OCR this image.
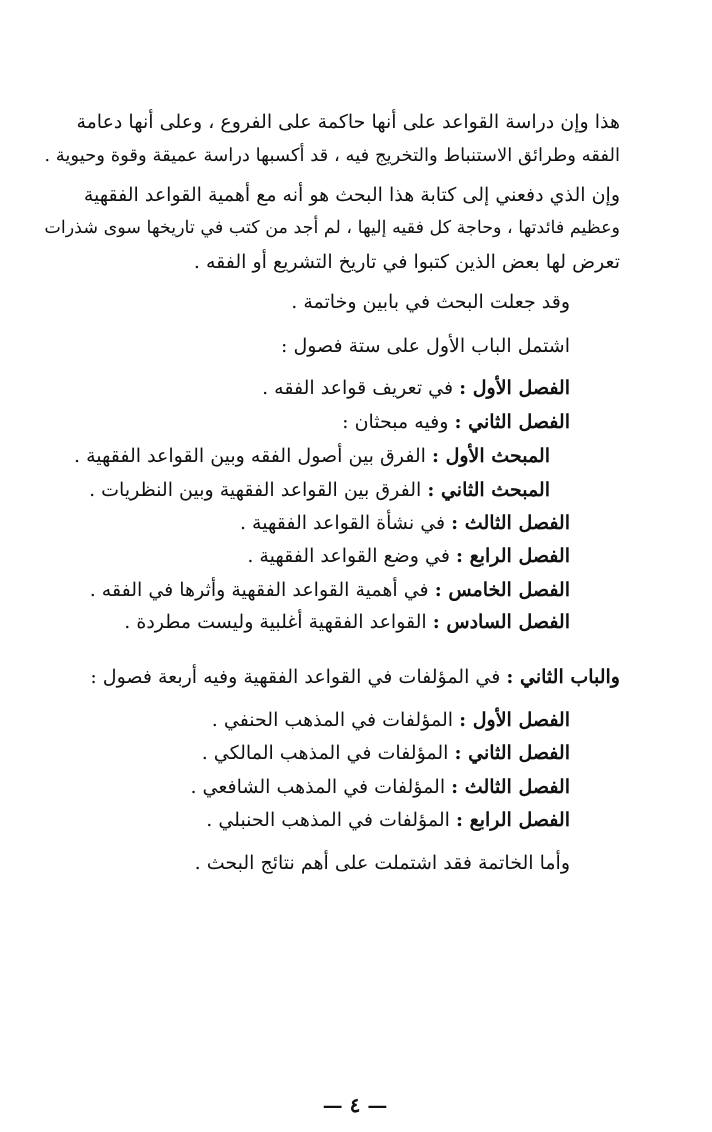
هذا وإن دراسة القواعد على أنها حاكمة على الفروع ، وعلى أنها دعامة
الفقه وطرائق الاستنباط والتخريج فيه ، قد أكسبها دراسة عميقة وقوة وحيوية .
وإن الذي دفعني إلى كتابة هذا البحث هو أنه مع أهمية القواعد الفقهية
وعظيم فائدتها ، وحاجة كل فقيه إليها ، لم أجد من كتب في تاريخها سوى شذرات
تعرض لها بعض الذين كتبوا في تاريخ التشريع أو الفقه .
وقد جعلت البحث في بابين وخاتمة .
اشتمل الباب الأول على ستة فصول :
الفصل الأول : في تعريف قواعد الفقه .
الفصل الثاني : وفيه مبحثان :
المبحث الأول : الفرق بين أصول الفقه وبين القواعد الفقهية .
المبحث الثاني : الفرق بين القواعد الفقهية وبين النظريات .
الفصل الثالث : في نشأة القواعد الفقهية .
الفصل الرابع : في وضع القواعد الفقهية .
الفصل الخامس : في أهمية القواعد الفقهية وأثرها في الفقه .
الفصل السادس : القواعد الفقهية أغلبية وليست مطردة .
والباب الثاني : في المؤلفات في القواعد الفقهية وفيه أربعة فصول :
الفصل الأول : المؤلفات في المذهب الحنفي .
الفصل الثاني : المؤلفات في المذهب المالكي .
الفصل الثالث : المؤلفات في المذهب الشافعي .
الفصل الرابع : المؤلفات في المذهب الحنبلي .
وأما الخاتمة فقد اشتملت على أهم نتائج البحث .
— ٤ —
